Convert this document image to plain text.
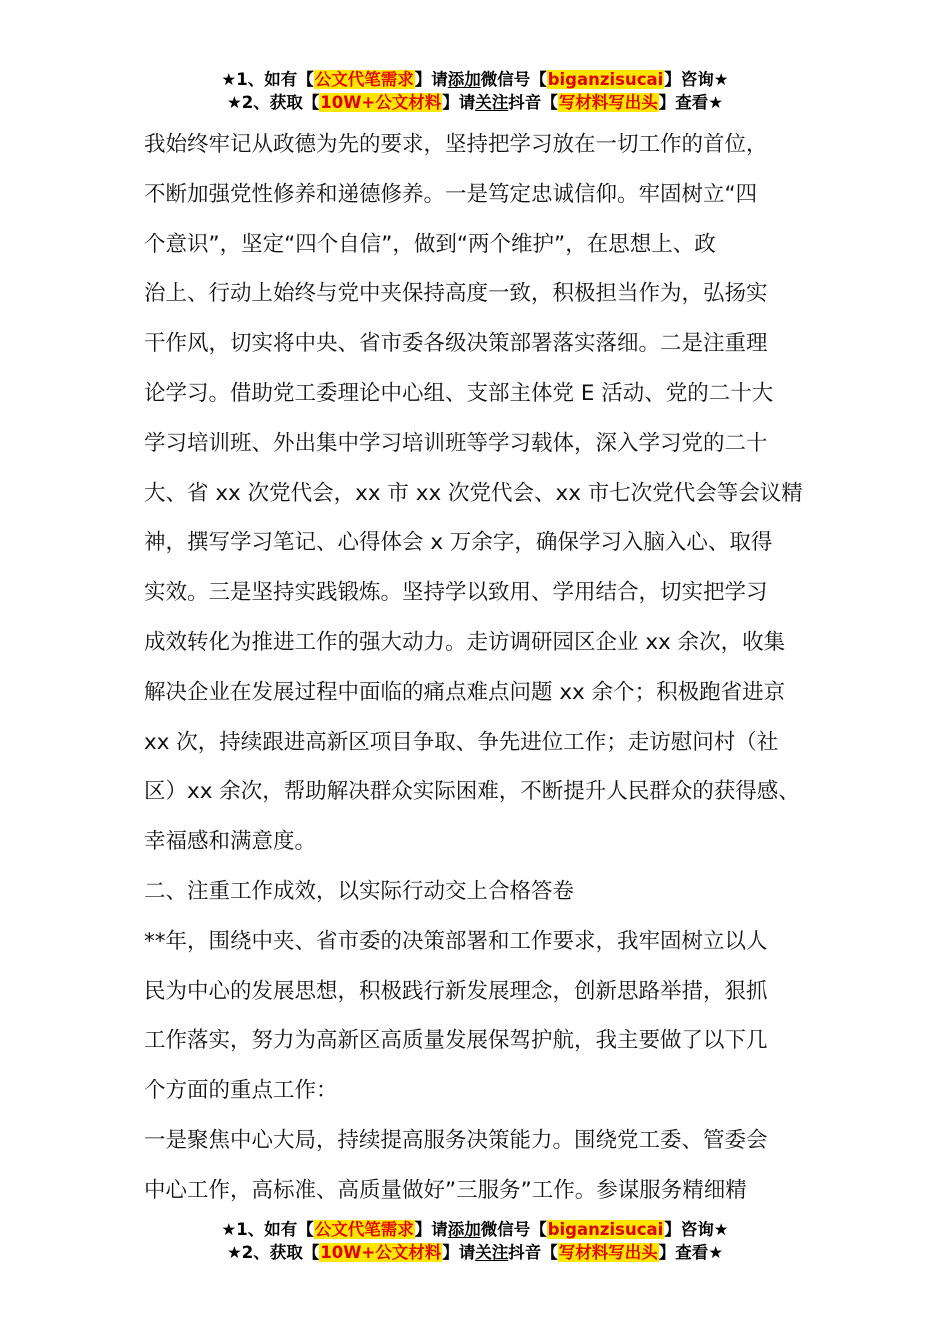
★1、如有【公文代笔需求】请添加微信号【biganzisucai】咨询★
★2、获取【10W+公文材料】请关注抖音【写材料写出头】查看★
我始终牢记从政德为先的要求，坚持把学习放在一切工作的首位，
不断加强党性修养和递德修养。一是笃定忠诚信仰。牢固树立“四
个意识”，坚定“四个自信”，做到“两个维护”，在思想上、政
治上、行动上始终与党中夹保持高度一致，积极担当作为，弘扬实
干作风，切实将中央、省市委各级决策部署落实落细。二是注重理
论学习。借助党工委理论中心组、支部主体党 E 活动、党的二十大
学习培训班、外出集中学习培训班等学习载体，深入学习党的二十
大、省 xx 次党代会，xx 市 xx 次党代会、xx 市七次党代会等会议精
神，撰写学习笔记、心得体会 x 万余字，确保学习入脑入心、取得
实效。三是坚持实践锻炼。坚持学以致用、学用结合，切实把学习
成效转化为推进工作的强大动力。走访调研园区企业 xx 余次，收集
解决企业在发展过程中面临的痛点难点问题 xx 余个；积极跑省进京
xx 次，持续跟进高新区项目争取、争先进位工作；走访慰问村（社
区）xx 余次，帮助解决群众实际困难，不断提升人民群众的获得感、
幸福感和满意度。
二、注重工作成效，以实际行动交上合格答卷
**年，围绕中夹、省市委的决策部署和工作要求，我牢固树立以人
民为中心的发展思想，积极践行新发展理念，创新思路举措，狠抓
工作落实，努力为高新区高质量发展保驾护航，我主要做了以下几
个方面的重点工作：
一是聚焦中心大局，持续提高服务决策能力。围绕党工委、管委会
中心工作，高标准、高质量做好”三服务”工作。参谋服务精细精
★1、如有【公文代笔需求】请添加微信号【biganzisucai】咨询★
★2、获取【10W+公文材料】请关注抖音【写材料写出头】查看★
